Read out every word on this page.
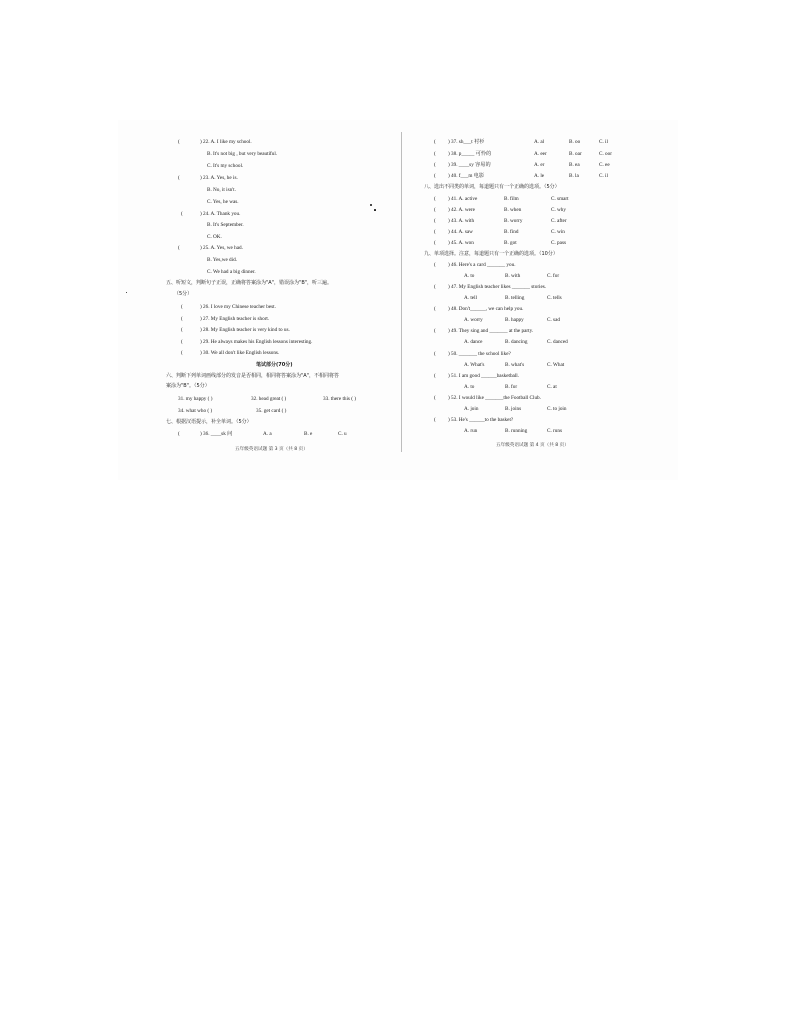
(	) 22. A. I like my school.
B. It's not big , but very beautiful.
C. It's my school.
(	) 23. A. Yes, he is.
B. No, it isn't.
C. Yes, he was.
(	) 24. A. Thank you.
B. It's September.
C. OK.
(	) 25. A. Yes, we had.
B. Yes,we did.
C. We had a big dinner.
五、听短文，判断句子正误，正确将答案涂为"A"，错误涂为"B"，听三遍。
（5分）
(	) 26. I love my Chinese teacher best.
(	) 27. My English teacher is short.
(	) 28. My English teacher is very kind to us.
(	) 29. He always makes his English lessons interesting.
(	) 30. We all don't like English lessons.
笔试部分(70分)
六、判断下列单词画线部分的发音是否相同，相同将答案涂为"A"，不相同将答
案涂为"B"。（5分）
31. my happy ( )	32. head great ( )	33. there this ( )
34. what who ( )	35. get card ( )
七、根据汉语提示，补全单词。（5分）
(	) 36. ____sk 问	A. a	B. e	C. u
五年级英语试题 第 3 页（共 8 页）
( ) 37. sh___t 衬衫	A. al	B. oo	C. il
( ) 38. p_____ 可怜的	A. eer	B. oar	C. oor
( ) 39. ____sy 容易的	A. er	B. ea	C. ee
( ) 40. f___m 电影	A. le	B. la	C. il
八、选出不同类的单词，每道题只有一个正确的选项。（5分）
( ) 41. A. active	B. film	C. smart
( ) 42. A. were	B. when	C. why
( ) 43. A. with	B. worry	C. after
( ) 44. A. saw	B. find	C. win
( ) 45. A. won	B. got	C. pass
九、单项选择。注意，每道题只有一个正确的选项。（10分）
( ) 46. Here's a card _______ you.
A. to	B. with	C. for
( ) 47. My English teacher likes _______ stories.
A. tell	B. telling	C. tells
( ) 48. Don't______, we can help you.
A. worry	B. happy	C. sad
( ) 49. They sing and _______ at the party.
A. dance	B. dancing	C. danced
( ) 50. _______ the school like?
A. What's	B. what's	C. What
( ) 51. I am good ______basketball.
A. to	B. for	C. at
( ) 52. I would like _______the Football Club.
A. join	B. joins	C. to join
( ) 53. He's ______to the basket?
A. run	B. running	C. runs
五年级英语试题 第 4 页（共 8 页）
